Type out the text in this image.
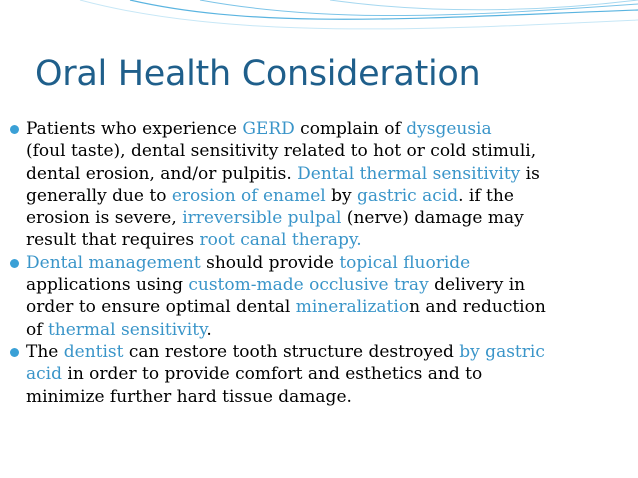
Oral Health Consideration
Patients who experience GERD complain of dysgeusia
(foul taste), dental sensitivity related to hot or cold stimuli,
dental erosion, and/or pulpitis. Dental thermal sensitivity is
generally due to erosion of enamel by gastric acid. if the
erosion is severe, irreversible pulpal (nerve) damage may
result that requires root canal therapy.
Dental management should provide topical fluoride
applications using custom-made occlusive tray delivery in
order to ensure optimal dental mineralization and reduction
of thermal sensitivity.
The dentist can restore tooth structure destroyed by gastric
acid in order to provide comfort and esthetics and to
minimize further hard tissue damage.
